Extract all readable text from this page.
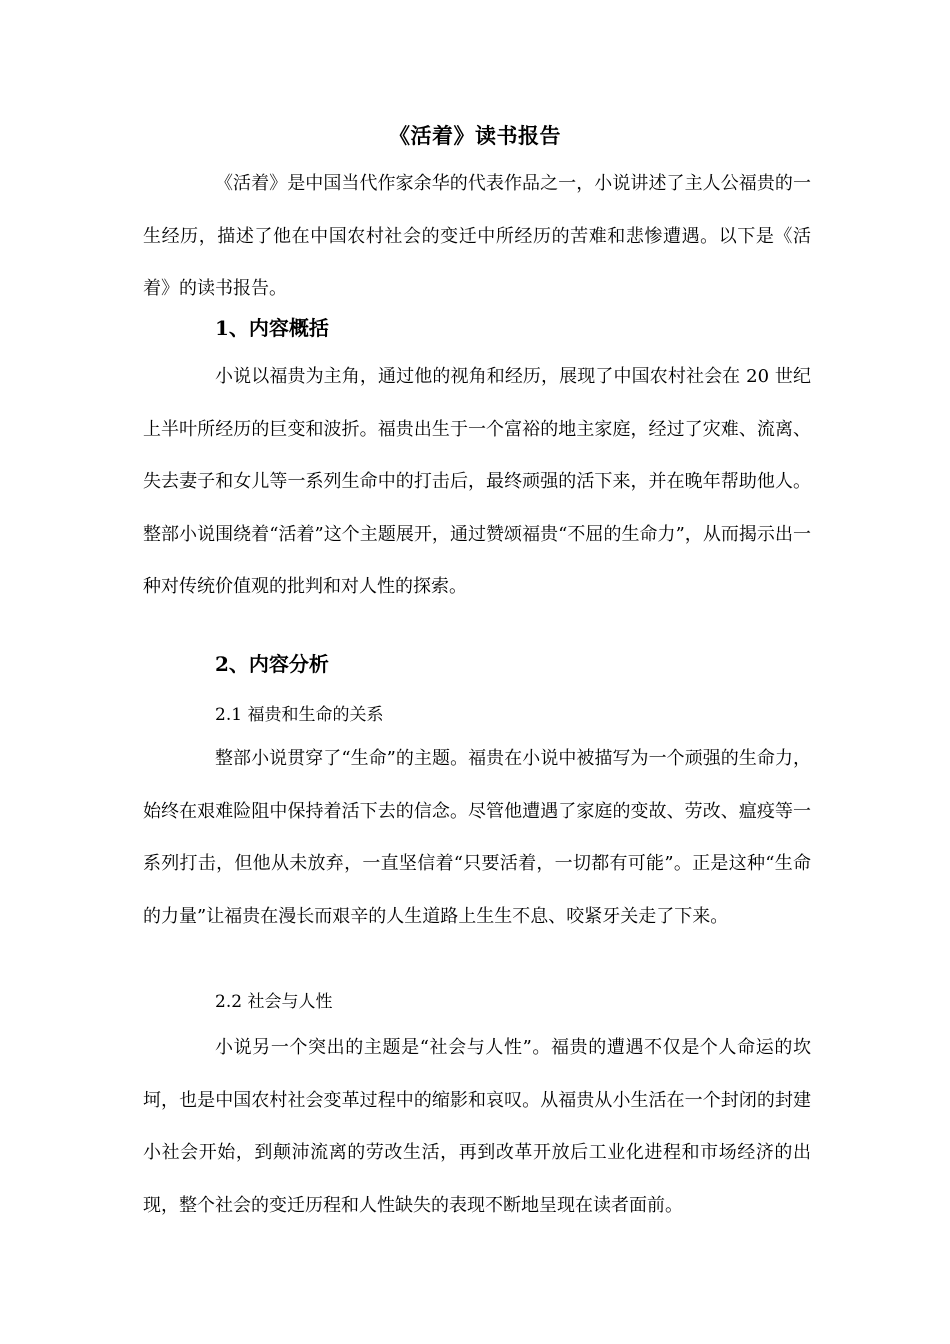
《活着》读书报告

《活着》是中国当代作家余华的代表作品之一，小说讲述了主人公福贵的一生经历，描述了他在中国农村社会的变迁中所经历的苦难和悲惨遭遇。以下是《活着》的读书报告。

1、内容概括

小说以福贵为主角，通过他的视角和经历，展现了中国农村社会在 20 世纪上半叶所经历的巨变和波折。福贵出生于一个富裕的地主家庭，经过了灾难、流离、失去妻子和女儿等一系列生命中的打击后，最终顽强的活下来，并在晚年帮助他人。整部小说围绕着“活着”这个主题展开，通过赞颂福贵“不屈的生命力”，从而揭示出一种对传统价值观的批判和对人性的探索。

2、内容分析
2.1 福贵和生命的关系

整部小说贯穿了“生命”的主题。福贵在小说中被描写为一个顽强的生命力，始终在艰难险阻中保持着活下去的信念。尽管他遭遇了家庭的变故、劳改、瘟疫等一系列打击，但他从未放弃，一直坚信着“只要活着，一切都有可能”。正是这种“生命的力量”让福贵在漫长而艰辛的人生道路上生生不息、咬紧牙关走了下来。

2.2 社会与人性

小说另一个突出的主题是“社会与人性”。福贵的遭遇不仅是个人命运的坎坷，也是中国农村社会变革过程中的缩影和哀叹。从福贵从小生活在一个封闭的封建小社会开始，到颠沛流离的劳改生活，再到改革开放后工业化进程和市场经济的出现，整个社会的变迁历程和人性缺失的表现不断地呈现在读者面前。
